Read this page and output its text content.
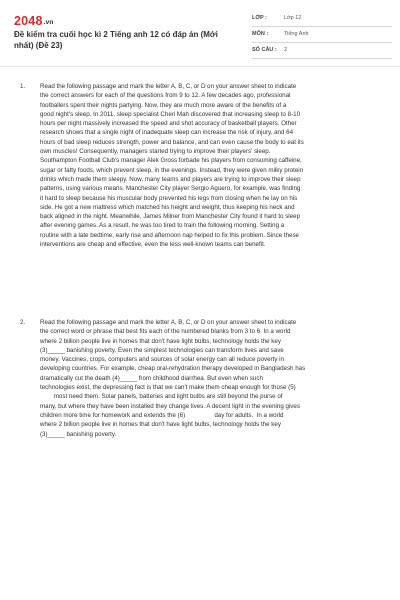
2048.vn
Đề kiểm tra cuối học kì 2 Tiếng anh 12 có đáp án (Mới nhất) (Đề 23)
LỚP :	Lớp 12
MÔN :	Tiếng Anh
SỐ CÂU : 2
1. Read the following passage and mark the letter A, B, C, or D on your answer sheet to indicate
the correct answers for each of the questions from 9 to 12. A few decades ago, professional
footballers spent their nights partying. Now, they are much more aware of the benefits of a
good night's sleep. In 2011, sleep specialist Cheri Mah discovered that increasing sleep to 8-10
hours per night massively increased the speed and shot accuracy of basketball players. Other
research shows that a single night of inadequate sleep can increase the risk of injury, and 64
hours of bad sleep reduces strength, power and balance, and can even cause the body to eat its
own muscles! Consequently, managers started trying to improve their players' sleep.
Southampton Football Club's manager Alek Gross forbade his players from consuming caffeine,
sugar or fatty foods, which prevent sleep, in the evenings. Instead, they were given milky protein
drinks which made them sleepy. Now, many teams and players are trying to improve their sleep
patterns, using various means. Manchester City player Sergio Aguero, for example, was finding
it hard to sleep because his muscular body prevented his legs from closing when he lay on his
side. He got a new mattress which matched his height and weight, thus keeping his neck and
back aligned in the night. Meanwhile, James Milner from Manchester City found it hard to sleep
after evening games. As a result, he was too tired to train the following morning. Setting a
routine with a late bedtime, early rise and afternoon nap helped to fix this problem. Since these
interventions are cheap and effective, even the less well-known teams can benefit.
2. Read the following passage and mark the letter A, B, C, or D on your answer sheet to indicate
the correct word or phrase that best fits each of the numbered blanks from 3 to 6. In a world
where 2 billion people live in homes that don't have light bulbs, technology holds the key
(3)_____ banishing poverty. Even the simplest technologies can transform lives and save
money. Vaccines, crops, computers and sources of solar energy can all reduce poverty in
developing countries. For example, cheap oral-rehydration therapy developed in Bangladesh has
dramatically cut the death (4)_____ from childhood diarrhea. But even when such
technologies exist, the depressing fact is that we can't make them cheap enough for those (5)
most need them. Solar panels, batteries and light bulbs are still beyond the purse of
many, but where they have been installed they change lives. A decent light in the evening gives
children more time for homework and extends the (6)                 day for adults.  In a world
where 2 billion people live in homes that don't have light bulbs, technology holds the key
(3)_____ banishing poverty.
